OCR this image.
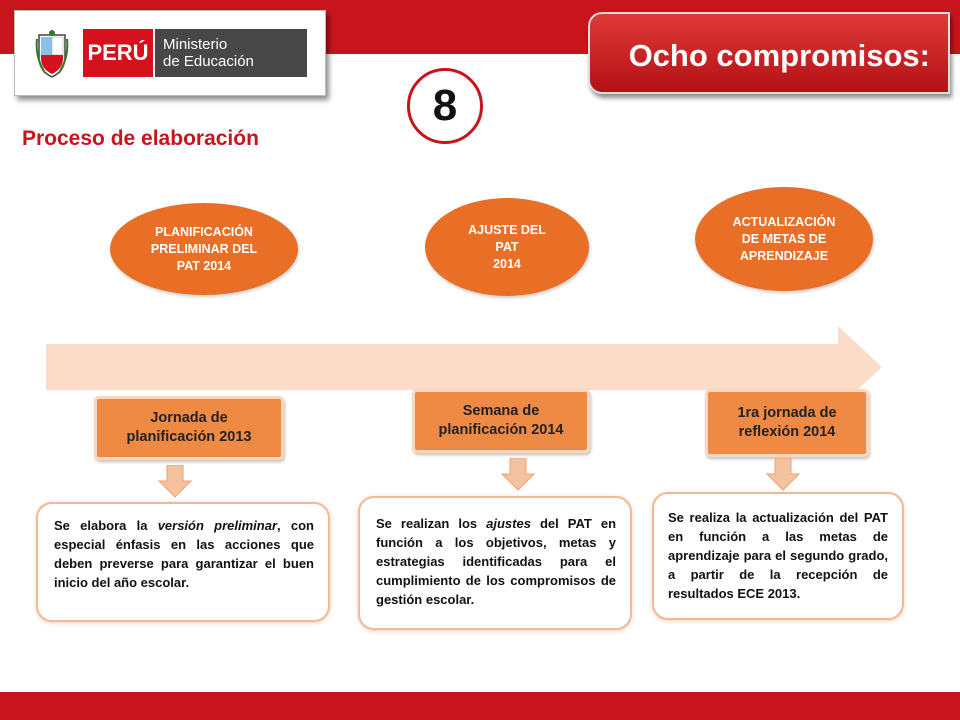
PERÚ Ministerio
de Educación	Ocho compromisos:
8
Proceso de elaboración
PLANIFICACIÓN
PRELIMINAR DEL
PAT 2014
AJUSTE DEL
PAT
2014
ACTUALIZACIÓN
DE METAS DE
APRENDIZAJE
Jornada de
planificación 2013
Semana de
planificación 2014
1ra jornada de
reflexión 2014
Se elabora la versión preliminar, con especial énfasis en las acciones que deben preverse para garantizar el buen inicio del año escolar.
Se realizan los ajustes del PAT en función a los objetivos, metas y estrategias identificadas para el cumplimiento de los compromisos de gestión escolar.
Se realiza la actualización del PAT en función a las metas de aprendizaje para el segundo grado, a partir de la recepción de resultados ECE 2013.
